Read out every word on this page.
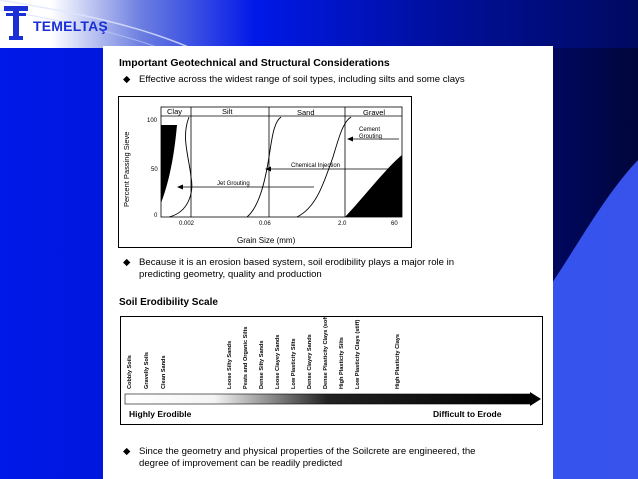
TEMELTAŞ
Important Geotechnical and Structural Considerations
◆ Effective across the widest range of soil types, including silts and some clays
Percent Passing Sieve
Grain Size (mm)
Clay	Silt	Sand	Gravel
100
50
0
0.002	0.06	2.0	60
Cement
Grouting
Chemical Injection
Jet Grouting
◆ Because it is an erosion based system, soil erodibility plays a major role in
predicting geometry, quality and production
Soil Erodibility Scale
Cobbly Soils Gravelly Soils Clean Sands	Loose Silty Sands Peats and Organic Silts Dense Silty Sands Loose Clayey Sands Low Plasticity Silts Dense Clayey Sands Dense Plasticity Clays (soft) High Plasticity Silts Low Plasticity Clays (stiff)	High Plasticity Clays
Highly Erodible	Difficult to Erode
◆ Since the geometry and physical properties of the Soilcrete are engineered, the
degree of improvement can be readily predicted
